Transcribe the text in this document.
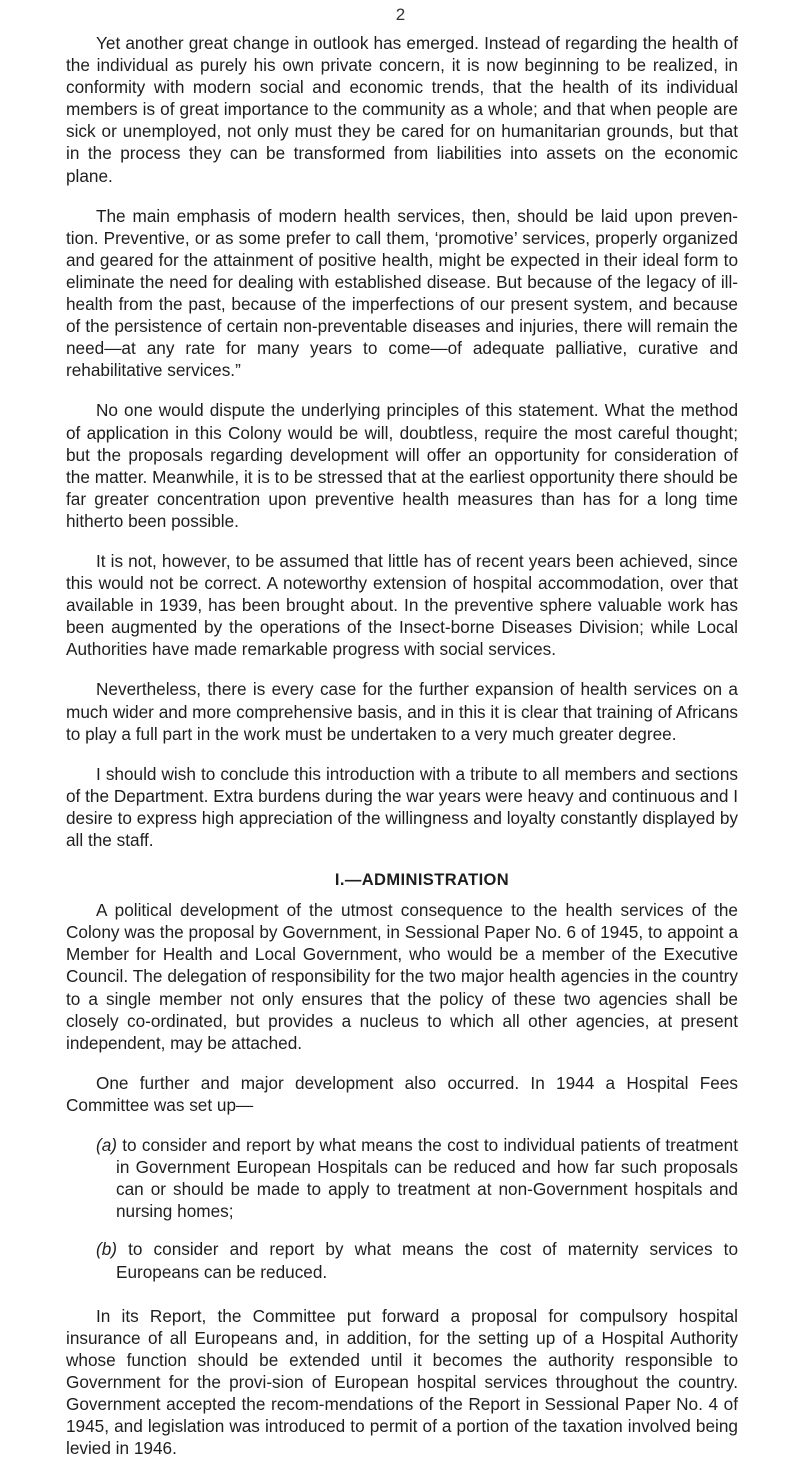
2

Yet another great change in outlook has emerged. Instead of regarding the health of the individual as purely his own private concern, it is now beginning to be realized, in conformity with modern social and economic trends, that the health of its individual members is of great importance to the community as a whole; and that when people are sick or unemployed, not only must they be cared for on humanitarian grounds, but that in the process they can be transformed from liabilities into assets on the economic plane.

The main emphasis of modern health services, then, should be laid upon preven-tion. Preventive, or as some prefer to call them, ‘promotive’ services, properly organized and geared for the attainment of positive health, might be expected in their ideal form to eliminate the need for dealing with established disease. But because of the legacy of ill-health from the past, because of the imperfections of our present system, and because of the persistence of certain non-preventable diseases and injuries, there will remain the need—at any rate for many years to come—of adequate palliative, curative and rehabilitative services.”

No one would dispute the underlying principles of this statement. What the method of application in this Colony would be will, doubtless, require the most careful thought; but the proposals regarding development will offer an opportunity for consideration of the matter. Meanwhile, it is to be stressed that at the earliest opportunity there should be far greater concentration upon preventive health measures than has for a long time hitherto been possible.

It is not, however, to be assumed that little has of recent years been achieved, since this would not be correct. A noteworthy extension of hospital accommodation, over that available in 1939, has been brought about. In the preventive sphere valuable work has been augmented by the operations of the Insect-borne Diseases Division; while Local Authorities have made remarkable progress with social services.

Nevertheless, there is every case for the further expansion of health services on a much wider and more comprehensive basis, and in this it is clear that training of Africans to play a full part in the work must be undertaken to a very much greater degree.

I should wish to conclude this introduction with a tribute to all members and sections of the Department. Extra burdens during the war years were heavy and continuous and I desire to express high appreciation of the willingness and loyalty constantly displayed by all the staff.

I.—ADMINISTRATION

A political development of the utmost consequence to the health services of the Colony was the proposal by Government, in Sessional Paper No. 6 of 1945, to appoint a Member for Health and Local Government, who would be a member of the Executive Council. The delegation of responsibility for the two major health agencies in the country to a single member not only ensures that the policy of these two agencies shall be closely co-ordinated, but provides a nucleus to which all other agencies, at present independent, may be attached.

One further and major development also occurred. In 1944 a Hospital Fees Committee was set up—

(a) to consider and report by what means the cost to individual patients of treatment in Government European Hospitals can be reduced and how far such proposals can or should be made to apply to treatment at non-Government hospitals and nursing homes;

(b) to consider and report by what means the cost of maternity services to Europeans can be reduced.

In its Report, the Committee put forward a proposal for compulsory hospital insurance of all Europeans and, in addition, for the setting up of a Hospital Authority whose function should be extended until it becomes the authority responsible to Government for the provi-sion of European hospital services throughout the country. Government accepted the recom-mendations of the Report in Sessional Paper No. 4 of 1945, and legislation was introduced to permit of a portion of the taxation involved being levied in 1946.
